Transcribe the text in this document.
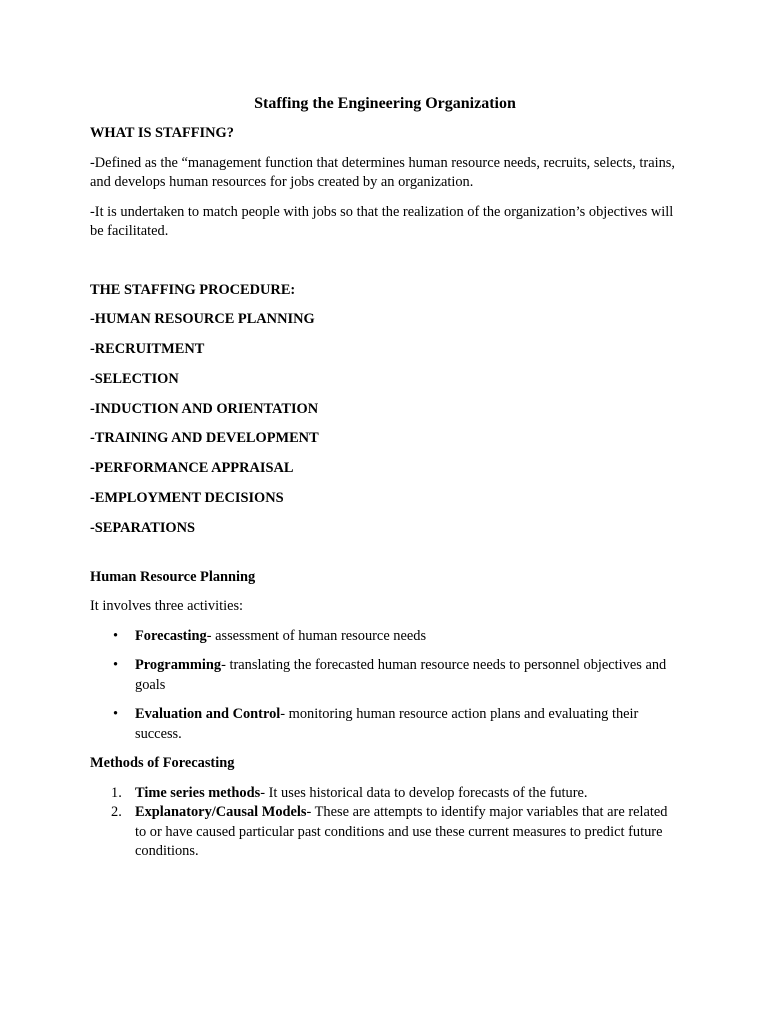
Staffing the Engineering Organization
WHAT IS STAFFING?
-Defined as the “management function that determines human resource needs, recruits, selects, trains, and develops human resources for jobs created by an organization.
-It is undertaken to match people with jobs so that the realization of the organization’s objectives will be facilitated.
THE STAFFING PROCEDURE:
-HUMAN RESOURCE PLANNING
-RECRUITMENT
-SELECTION
-INDUCTION AND ORIENTATION
-TRAINING AND DEVELOPMENT
-PERFORMANCE APPRAISAL
-EMPLOYMENT DECISIONS
-SEPARATIONS
Human Resource Planning
It involves three activities:
• Forecasting- assessment of human resource needs
• Programming- translating the forecasted human resource needs to personnel objectives and goals
• Evaluation and Control- monitoring human resource action plans and evaluating their success.
Methods of Forecasting
1. Time series methods- It uses historical data to develop forecasts of the future.
2. Explanatory/Causal Models- These are attempts to identify major variables that are related to or have caused particular past conditions and use these current measures to predict future conditions.
